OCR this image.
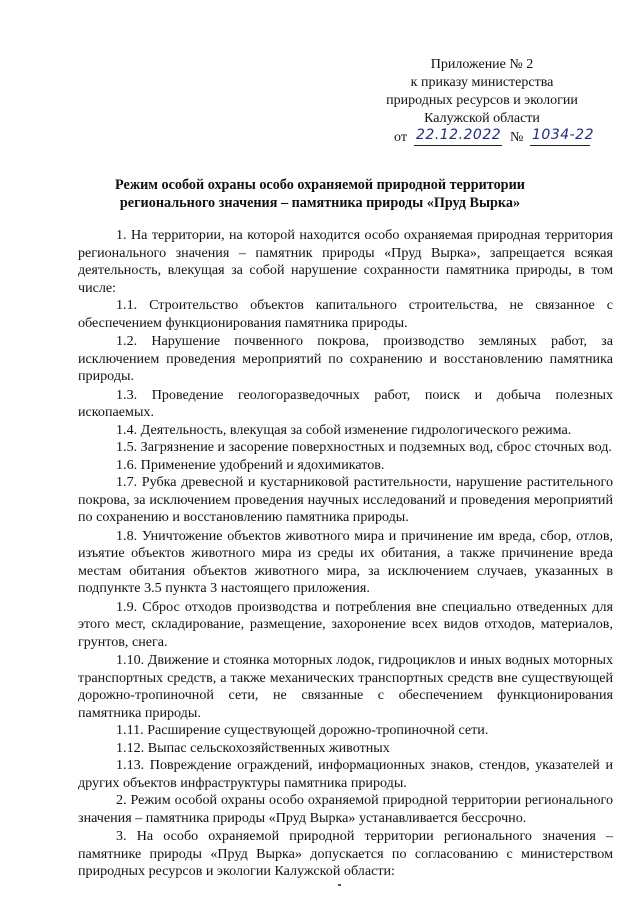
Приложение № 2
к приказу министерства
природных ресурсов и экологии
Калужской области
от 22.12.2022 № 1034-22
Режим особой охраны особо охраняемой природной территории регионального значения – памятника природы «Пруд Вырка»

1. На территории, на которой находится особо охраняемая природная территория регионального значения – памятник природы «Пруд Вырка», запрещается всякая деятельность, влекущая за собой нарушение сохранности памятника природы, в том числе:

1.1. Строительство объектов капитального строительства, не связанное с обеспечением функционирования памятника природы.

1.2. Нарушение почвенного покрова, производство земляных работ, за исключением проведения мероприятий по сохранению и восстановлению памятника природы.

1.3. Проведение геологоразведочных работ, поиск и добыча полезных ископаемых.

1.4. Деятельность, влекущая за собой изменение гидрологического режима.

1.5. Загрязнение и засорение поверхностных и подземных вод, сброс сточных вод.

1.6. Применение удобрений и ядохимикатов.

1.7. Рубка древесной и кустарниковой растительности, нарушение растительного покрова, за исключением проведения научных исследований и проведения мероприятий по сохранению и восстановлению памятника природы.

1.8. Уничтожение объектов животного мира и причинение им вреда, сбор, отлов, изъятие объектов животного мира из среды их обитания, а также причинение вреда местам обитания объектов животного мира, за исключением случаев, указанных в подпункте 3.5 пункта 3 настоящего приложения.

1.9. Сброс отходов производства и потребления вне специально отведенных для этого мест, складирование, размещение, захоронение всех видов отходов, материалов, грунтов, снега.

1.10. Движение и стоянка моторных лодок, гидроциклов и иных водных моторных транспортных средств, а также механических транспортных средств вне существующей дорожно-тропиночной сети, не связанные с обеспечением функционирования памятника природы.

1.11. Расширение существующей дорожно-тропиночной сети.

1.12. Выпас сельскохозяйственных животных

1.13. Повреждение ограждений, информационных знаков, стендов, указателей и других объектов инфраструктуры памятника природы.

2. Режим особой охраны особо охраняемой природной территории регионального значения – памятника природы «Пруд Вырка» устанавливается бессрочно.

3. На особо охраняемой природной территории регионального значения – памятнике природы «Пруд Вырка» допускается по согласованию с министерством природных ресурсов и экологии Калужской области:
